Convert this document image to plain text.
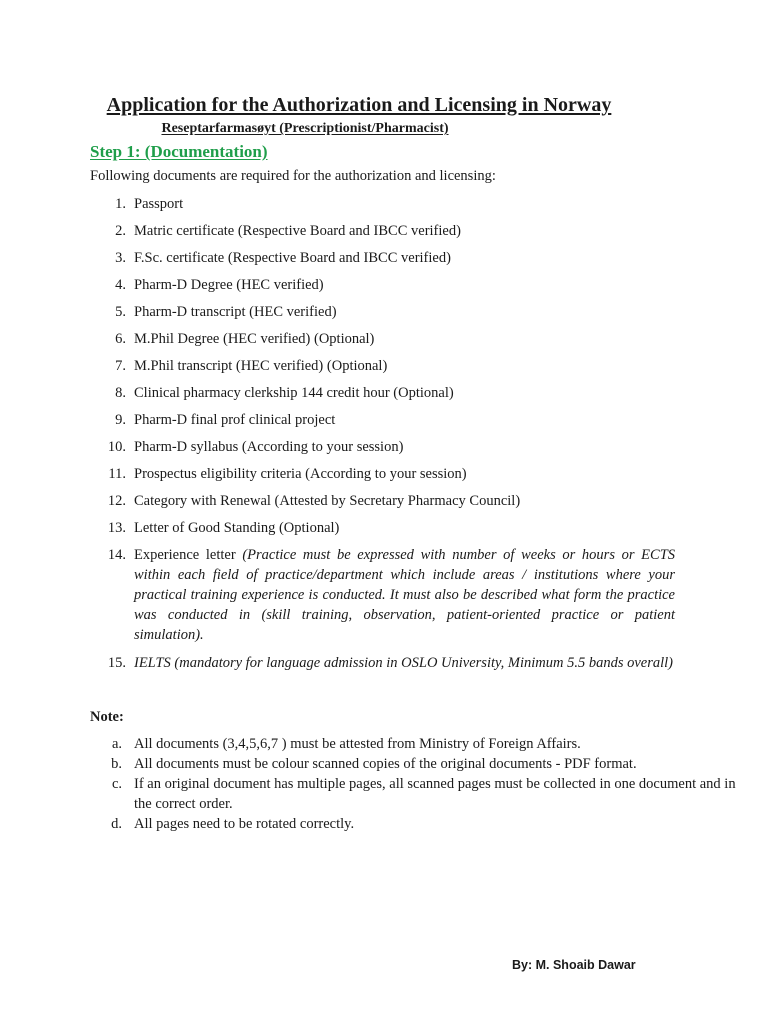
Application for the Authorization and Licensing in Norway
Reseptarfarmasøyt (Prescriptionist/Pharmacist)
Step 1: (Documentation)
Following documents are required for the authorization and licensing:
1. Passport
2. Matric certificate (Respective Board and IBCC verified)
3. F.Sc. certificate (Respective Board and IBCC verified)
4. Pharm-D Degree (HEC verified)
5. Pharm-D transcript (HEC verified)
6. M.Phil Degree (HEC verified) (Optional)
7. M.Phil transcript (HEC verified) (Optional)
8. Clinical pharmacy clerkship 144 credit hour (Optional)
9. Pharm-D final prof clinical project
10. Pharm-D syllabus (According to your session)
11. Prospectus eligibility criteria (According to your session)
12. Category with Renewal (Attested by Secretary Pharmacy Council)
13. Letter of Good Standing (Optional)
14. Experience letter (Practice must be expressed with number of weeks or hours or ECTS within each field of practice/department which include areas / institutions where your practical training experience is conducted. It must also be described what form the practice was conducted in (skill training, observation, patient-oriented practice or patient simulation).
15. IELTS (mandatory for language admission in OSLO University, Minimum 5.5 bands overall)
Note:
a. All documents (3,4,5,6,7 ) must be attested from Ministry of Foreign Affairs.
b. All documents must be colour scanned copies of the original documents - PDF format.
c. If an original document has multiple pages, all scanned pages must be collected in one document and in the correct order.
d. All pages need to be rotated correctly.
By: M. Shoaib Dawar
